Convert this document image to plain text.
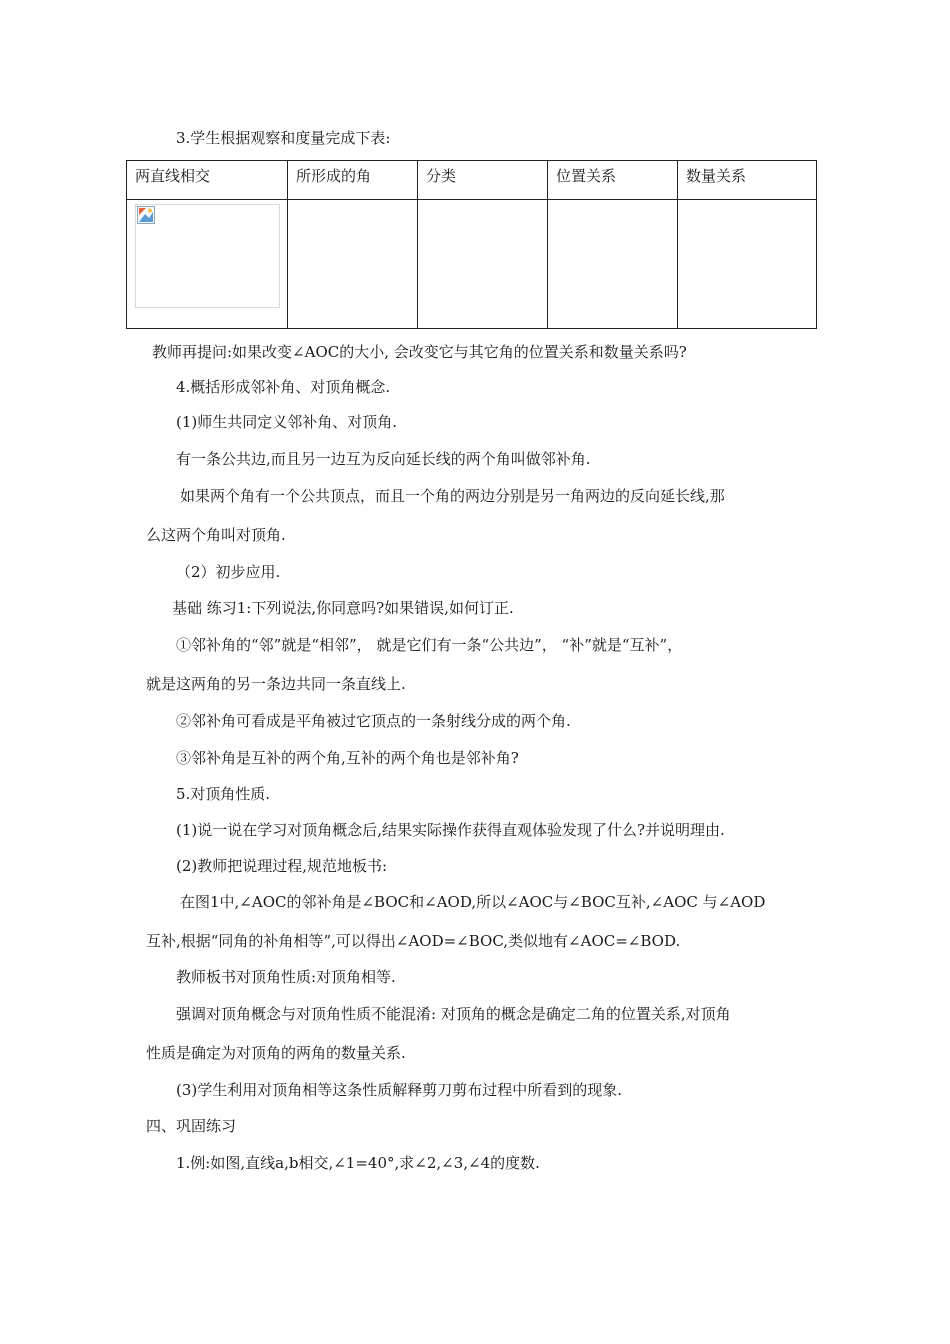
3.学生根据观察和度量完成下表:
两直线相交	所形成的角	分类	位置关系	数量关系

教师再提问:如果改变∠AOC的大小, 会改变它与其它角的位置关系和数量关系吗?
4.概括形成邻补角、对顶角概念.
(1)师生共同定义邻补角、对顶角.
有一条公共边,而且另一边互为反向延长线的两个角叫做邻补角.
如果两个角有一个公共顶点，而且一个角的两边分别是另一角两边的反向延长线,那
么这两个角叫对顶角.
（2）初步应用.
基础 练习1:下列说法,你同意吗?如果错误,如何订正.
①邻补角的“邻”就是“相邻”， 就是它们有一条“公共边”， “补”就是“互补”，
就是这两角的另一条边共同一条直线上.
②邻补角可看成是平角被过它顶点的一条射线分成的两个角.
③邻补角是互补的两个角,互补的两个角也是邻补角?
5.对顶角性质.
(1)说一说在学习对顶角概念后,结果实际操作获得直观体验发现了什么?并说明理由.
(2)教师把说理过程,规范地板书:
在图1中,∠AOC的邻补角是∠BOC和∠AOD,所以∠AOC与∠BOC互补,∠AOC 与∠AOD
互补,根据“同角的补角相等”,可以得出∠AOD=∠BOC,类似地有∠AOC=∠BOD.
教师板书对顶角性质:对顶角相等.
强调对顶角概念与对顶角性质不能混淆: 对顶角的概念是确定二角的位置关系,对顶角
性质是确定为对顶角的两角的数量关系.
(3)学生利用对顶角相等这条性质解释剪刀剪布过程中所看到的现象.
四、巩固练习
1.例:如图,直线a,b相交,∠1=40°,求∠2,∠3,∠4的度数.
